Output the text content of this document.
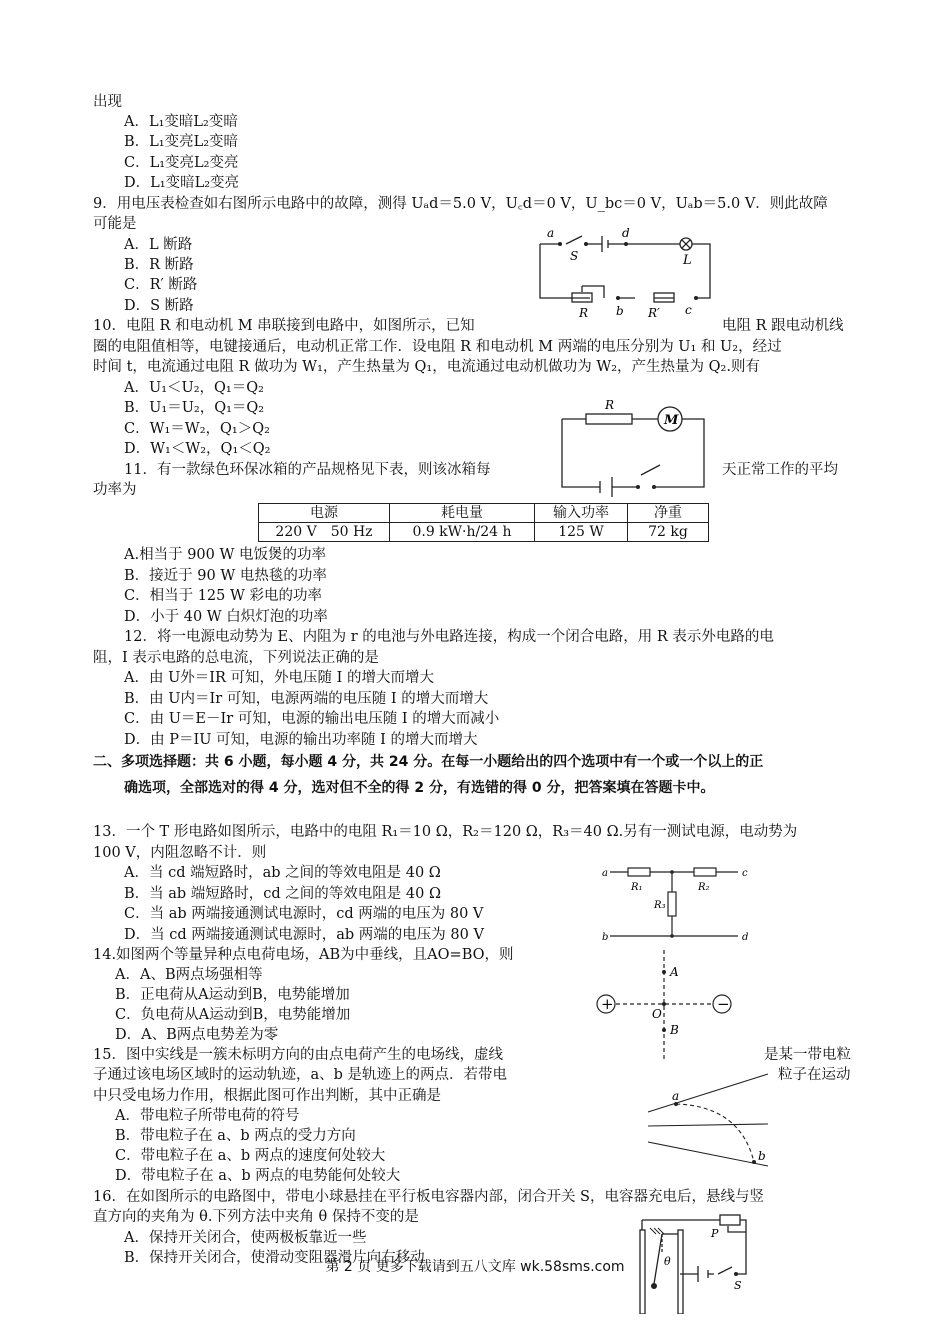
出现
A．L₁变暗L₂变暗
B．L₁变亮L₂变暗
C．L₁变亮L₂变亮
D．L₁变暗L₂变亮
9．用电压表检查如右图所示电路中的故障，测得 Uₐd＝5.0 V，U꜀d＝0 V，U_bc＝0 V，Uₐb＝5.0 V．则此故障
可能是
A．L 断路
B．R 断路
C．R′ 断路
D．S 断路
10．电阻 R 和电动机 M 串联接到电路中，如图所示，已知	电阻 R 跟电动机线
圈的电阻值相等，电键接通后，电动机正常工作．设电阻 R 和电动机 M 两端的电压分别为 U₁ 和 U₂，经过
时间 t，电流通过电阻 R 做功为 W₁，产生热量为 Q₁，电流通过电动机做功为 W₂，产生热量为 Q₂.则有
A．U₁＜U₂，Q₁＝Q₂
B．U₁＝U₂，Q₁＝Q₂
C．W₁＝W₂，Q₁＞Q₂
D．W₁＜W₂，Q₁＜Q₂
11．有一款绿色环保冰箱的产品规格见下表，则该冰箱每	天正常工作的平均
功率为
A.相当于 900 W 电饭煲的功率
B．接近于 90 W 电热毯的功率
C．相当于 125 W 彩电的功率
D．小于 40 W 白炽灯泡的功率
12．将一电源电动势为 E、内阻为 r 的电池与外电路连接，构成一个闭合电路，用 R 表示外电路的电
阻，I 表示电路的总电流，下列说法正确的是
A．由 U外＝IR 可知，外电压随 I 的增大而增大
B．由 U内＝Ir 可知，电源两端的电压随 I 的增大而增大
C．由 U＝E－Ir 可知，电源的输出电压随 I 的增大而减小
D．由 P＝IU 可知，电源的输出功率随 I 的增大而增大
13．一个 T 形电路如图所示，电路中的电阻 R₁＝10 Ω，R₂＝120 Ω，R₃＝40 Ω.另有一测试电源，电动势为
100 V，内阻忽略不计．则
A．当 cd 端短路时，ab 之间的等效电阻是 40 Ω
B．当 ab 端短路时，cd 之间的等效电阻是 40 Ω
C．当 ab 两端接通测试电源时，cd 两端的电压为 80 V
D．当 cd 两端接通测试电源时，ab 两端的电压为 80 V
14.如图两个等量异种点电荷电场，AB为中垂线，且AO=BO，则
A．A、B两点场强相等
B．正电荷从A运动到B，电势能增加
C．负电荷从A运动到B，电势能增加
D．A、B两点电势差为零
15．图中实线是一簇未标明方向的由点电荷产生的电场线，虚线	是某一带电粒
子通过该电场区域时的运动轨迹，a、b 是轨迹上的两点．若带电	粒子在运动
中只受电场力作用，根据此图可作出判断，其中正确是
A．带电粒子所带电荷的符号
B．带电粒子在 a、b 两点的受力方向
C．带电粒子在 a、b 两点的速度何处较大
D．带电粒子在 a、b 两点的电势能何处较大
16．在如图所示的电路图中，带电小球悬挂在平行板电容器内部，闭合开关 S，电容器充电后，悬线与竖
直方向的夹角为 θ.下列方法中夹角 θ 保持不变的是
A．保持开关闭合，使两极板靠近一些
B．保持开关闭合，使滑动变阻器滑片向右移动
二、多项选择题：共 6 小题，每小题 4 分，共 24 分。在每一小题给出的四个选项中有一个或一个以上的正
确选项，全部选对的得 4 分，选对但不全的得 2 分，有选错的得 0 分，把答案填在答题卡中。
电源	耗电量	输入功率	净重
220 V　50 Hz	0.9 kW·h/24 h	125 W	72 kg
a
S
d
L
R b R′ c
R
M
a	c
b	d
R₁	R₂
R₃
+	−
A
O
B
a
b
P
θ
S
第 2 页 更多下载请到五八文库 wk.58sms.com
